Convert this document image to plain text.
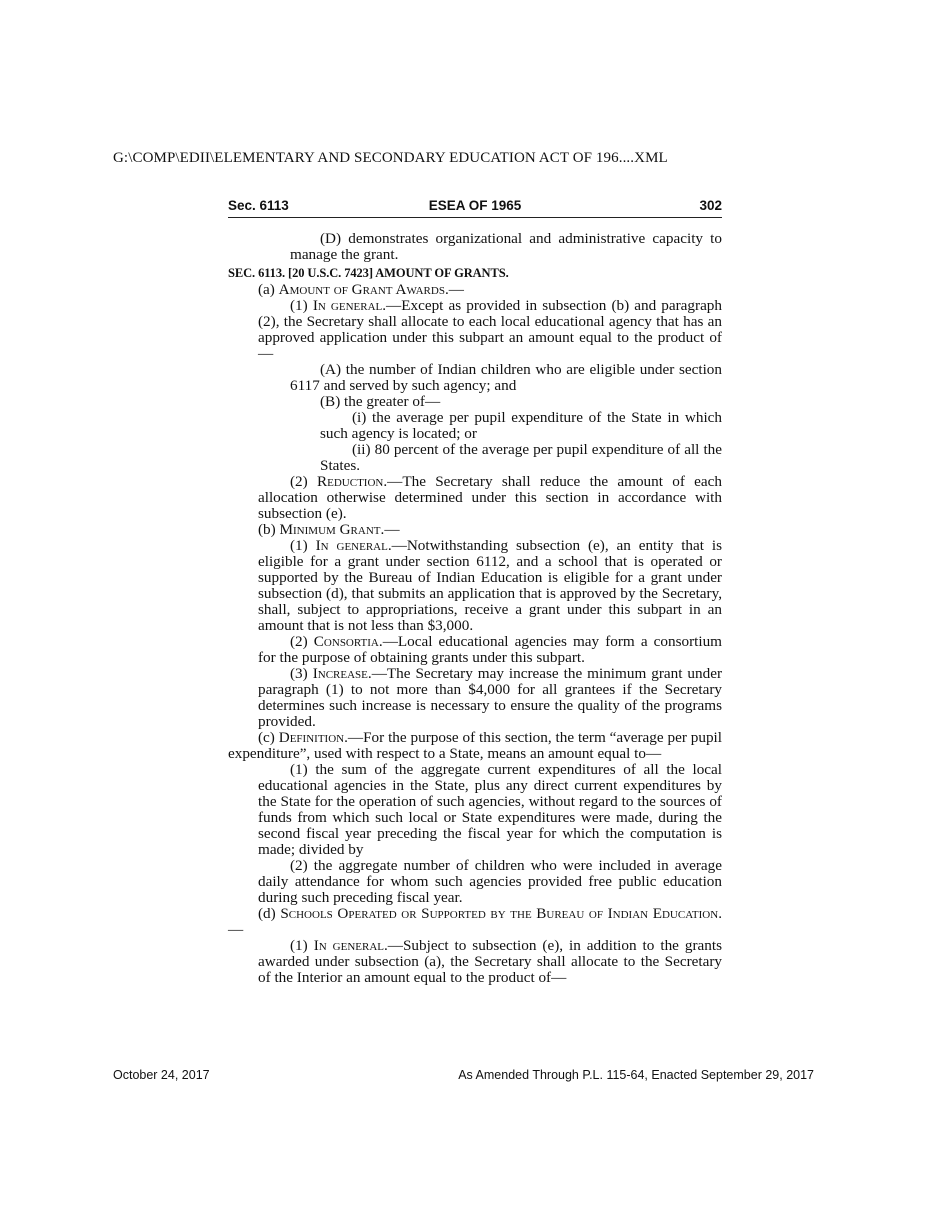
G:\COMP\EDII\ELEMENTARY AND SECONDARY EDUCATION ACT OF 196....XML
Sec. 6113	ESEA OF 1965	302

(D) demonstrates organizational and administrative capacity to manage the grant.

SEC. 6113. [20 U.S.C. 7423] AMOUNT OF GRANTS.

(a) Amount of Grant Awards.—

(1) In general.—Except as provided in subsection (b) and paragraph (2), the Secretary shall allocate to each local educational agency that has an approved application under this subpart an amount equal to the product of—

(A) the number of Indian children who are eligible under section 6117 and served by such agency; and

(B) the greater of—

(i) the average per pupil expenditure of the State in which such agency is located; or

(ii) 80 percent of the average per pupil expenditure of all the States.

(2) Reduction.—The Secretary shall reduce the amount of each allocation otherwise determined under this section in accordance with subsection (e).

(b) Minimum Grant.—

(1) In general.—Notwithstanding subsection (e), an entity that is eligible for a grant under section 6112, and a school that is operated or supported by the Bureau of Indian Education is eligible for a grant under subsection (d), that submits an application that is approved by the Secretary, shall, subject to appropriations, receive a grant under this subpart in an amount that is not less than $3,000.

(2) Consortia.—Local educational agencies may form a consortium for the purpose of obtaining grants under this subpart.

(3) Increase.—The Secretary may increase the minimum grant under paragraph (1) to not more than $4,000 for all grantees if the Secretary determines such increase is necessary to ensure the quality of the programs provided.

(c) Definition.—For the purpose of this section, the term “average per pupil expenditure”, used with respect to a State, means an amount equal to—

(1) the sum of the aggregate current expenditures of all the local educational agencies in the State, plus any direct current expenditures by the State for the operation of such agencies, without regard to the sources of funds from which such local or State expenditures were made, during the second fiscal year preceding the fiscal year for which the computation is made; divided by

(2) the aggregate number of children who were included in average daily attendance for whom such agencies provided free public education during such preceding fiscal year.

(d) Schools Operated or Supported by the Bureau of Indian Education.—

(1) In general.—Subject to subsection (e), in addition to the grants awarded under subsection (a), the Secretary shall allocate to the Secretary of the Interior an amount equal to the product of—

October 24, 2017	As Amended Through P.L. 115-64, Enacted September 29, 2017
